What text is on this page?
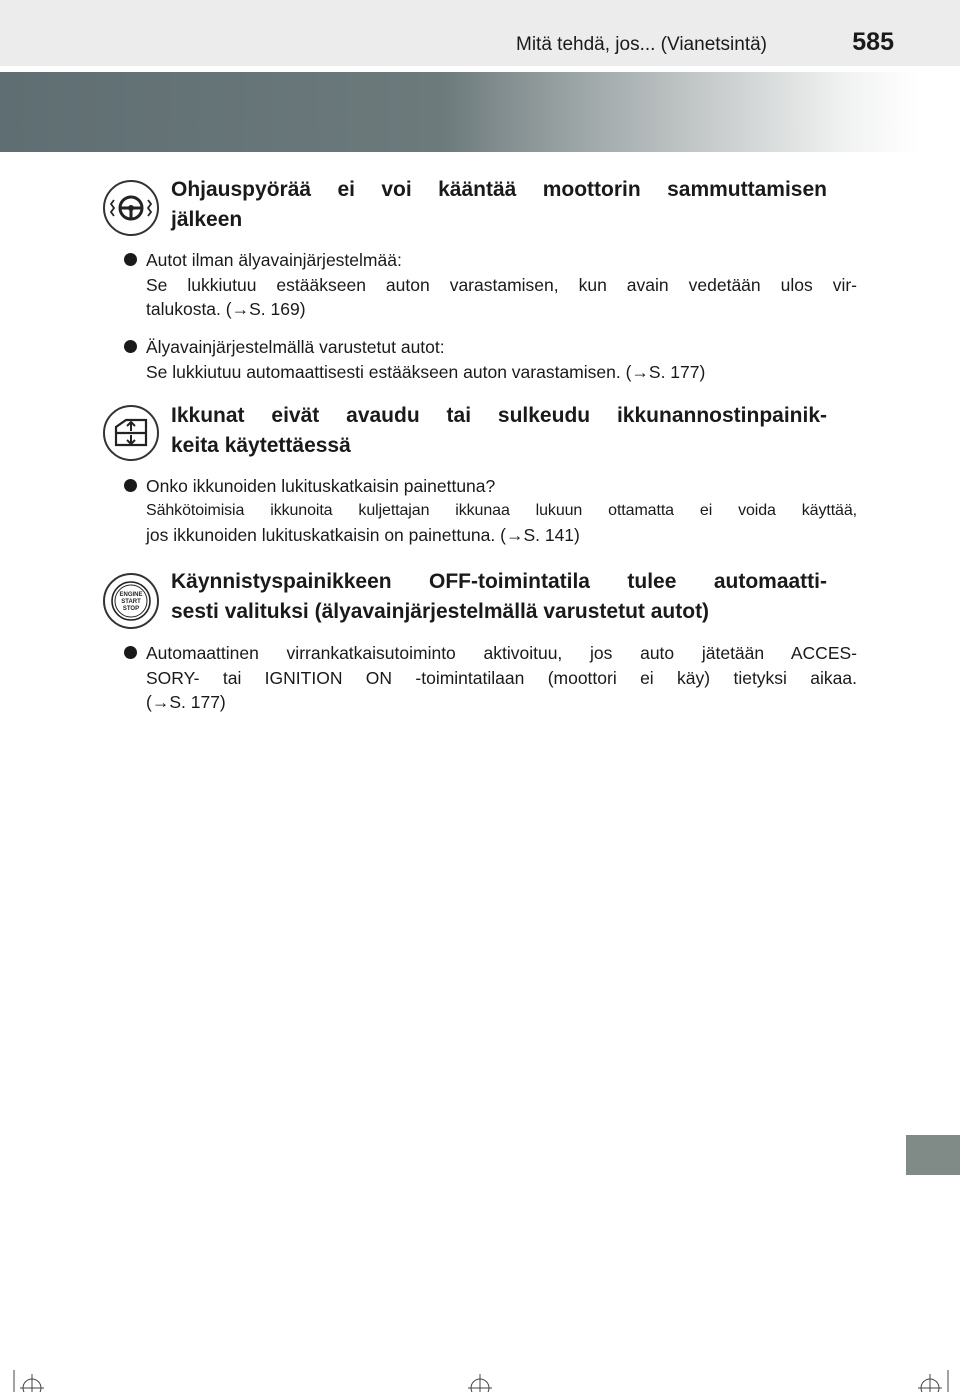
Mitä tehdä, jos... (Vianetsintä)	585
Ohjauspyörää ei voi kääntää moottorin sammuttamisen
jälkeen
Autot ilman älyavainjärjestelmää:
Se lukkiutuu estääkseen auton varastamisen, kun avain vedetään ulos vir-
talukosta. (→S. 169)
Älyavainjärjestelmällä varustetut autot:
Se lukkiutuu automaattisesti estääkseen auton varastamisen. (→S. 177)
Ikkunat eivät avaudu tai sulkeudu ikkunannostinpainik-
keita käytettäessä
Onko ikkunoiden lukituskatkaisin painettuna?
Sähkötoimisia ikkunoita kuljettajan ikkunaa lukuun ottamatta ei voida käyttää,
jos ikkunoiden lukituskatkaisin on painettuna. (→S. 141)
ENGINE
START
STOP
Käynnistyspainikkeen OFF-toimintatila tulee automaatti-
sesti valituksi (älyavainjärjestelmällä varustetut autot)
Automaattinen virrankatkaisutoiminto aktivoituu, jos auto jätetään ACCES-
SORY- tai IGNITION ON -toimintatilaan (moottori ei käy) tietyksi aikaa.
(→S. 177)
